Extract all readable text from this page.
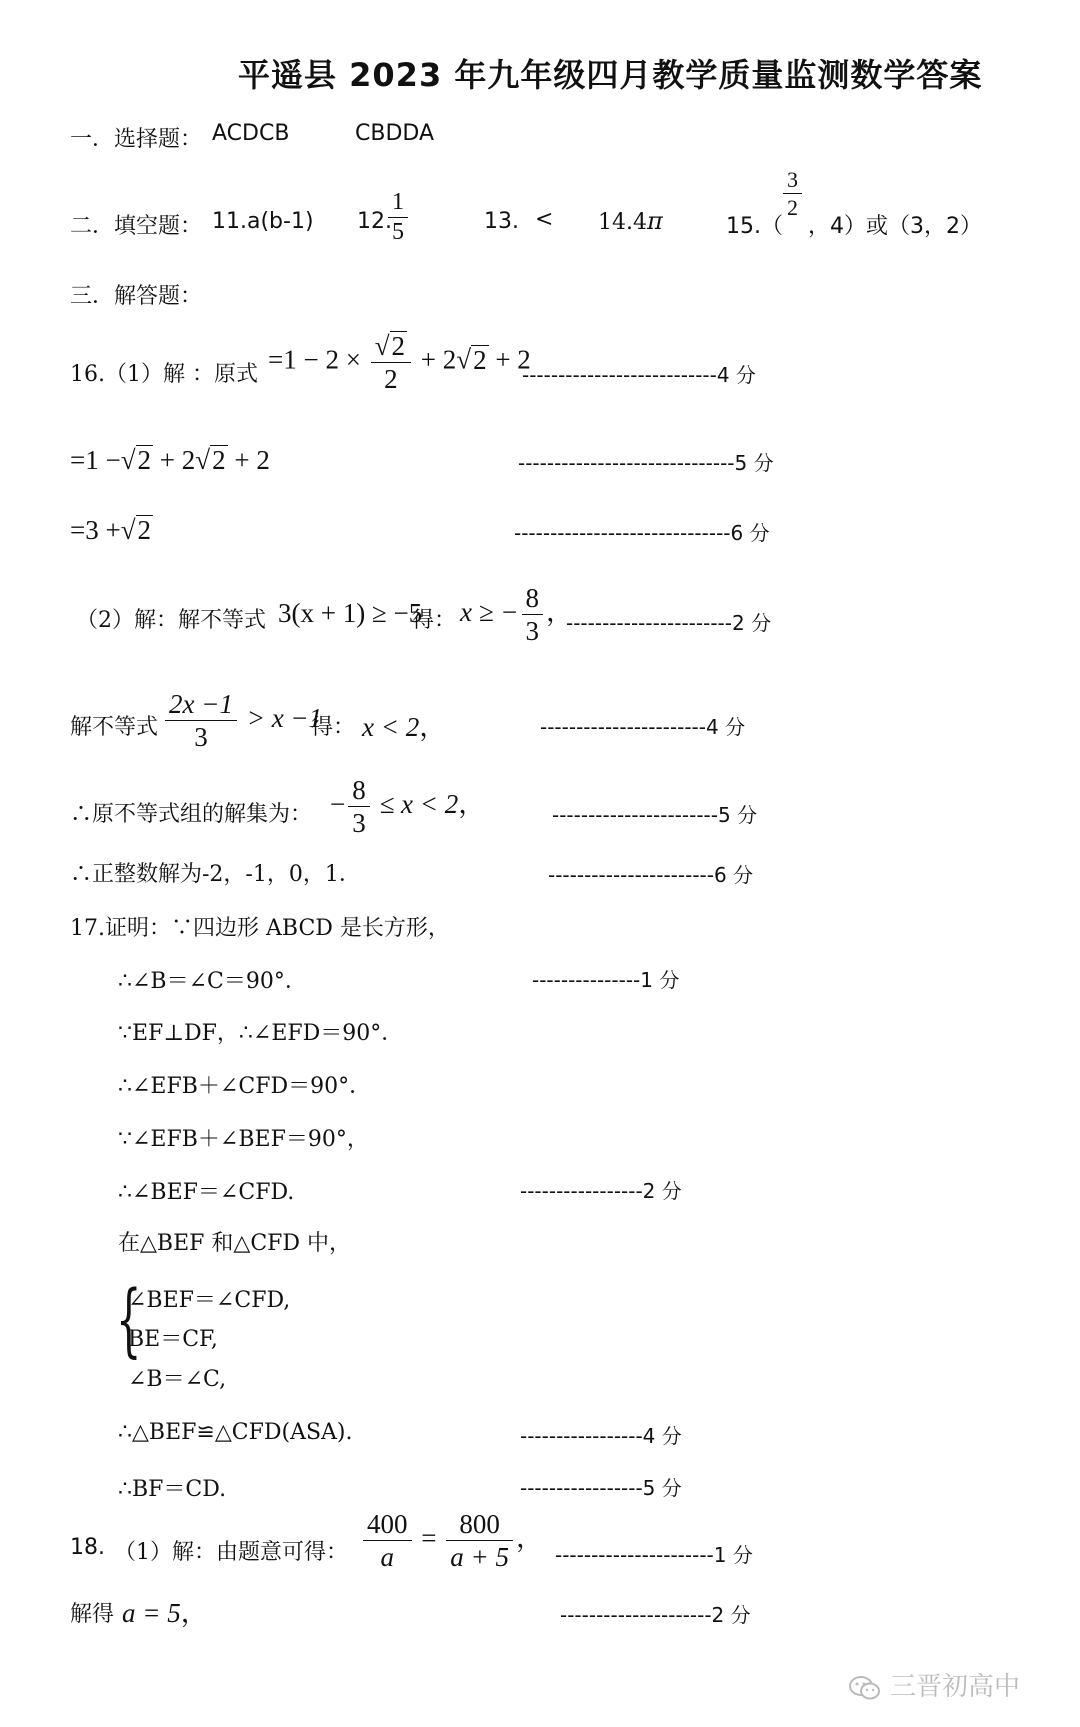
平遥县 2023 年九年级四月教学质量监测数学答案
一．选择题： ACDCB	CBDDA
二．填空题： 11.a(b-1) 12.
$\frac{1}{5}$	13. < 14.4π	15.（
$\frac{3}{2}$
，4）或（3，2）
三．解答题：
16.（1）解 ：原式 $=1 - 2 \times \frac{√2}{2} + 2√2 + 2$
---------------------------4 分
=1 −√2 + 2√2 + 2	------------------------------5 分
=3 +√2	------------------------------6 分
（2）解：解不等式 3(x + 1) ≥ −5
得： x ≥ − $\frac{8}{3}$ ，
-----------------------2 分
解不等式 $\frac{2x -1}{3} > x -1$
得： x < 2，	-----------------------4 分
∴原不等式组的解集为： − $\frac{8}{3} \le x < 2$，	-----------------------5 分
∴正整数解为-2，-1，0，1．	-----------------------6 分
17.证明：∵四边形 ABCD 是长方形，
∴∠B＝∠C＝90°．	---------------1 分
∵EF⊥DF，∴∠EFD＝90°．
∴∠EFB＋∠CFD＝90°．
∵∠EFB＋∠BEF＝90°，
∴∠BEF＝∠CFD.	-----------------2 分
在△BEF 和△CFD 中，
{
∠BEF＝∠CFD,
BE＝CF,
∠B＝∠C,
∴△BEF≌△CFD(ASA).	-----------------4 分
∴BF＝CD.	-----------------5 分
18. （1）解：由题意可得： $\frac{400}{a} = \frac{800}{a + 5}$ ，
----------------------1 分
解得 a = 5，	---------------------2 分
三晋初高中
